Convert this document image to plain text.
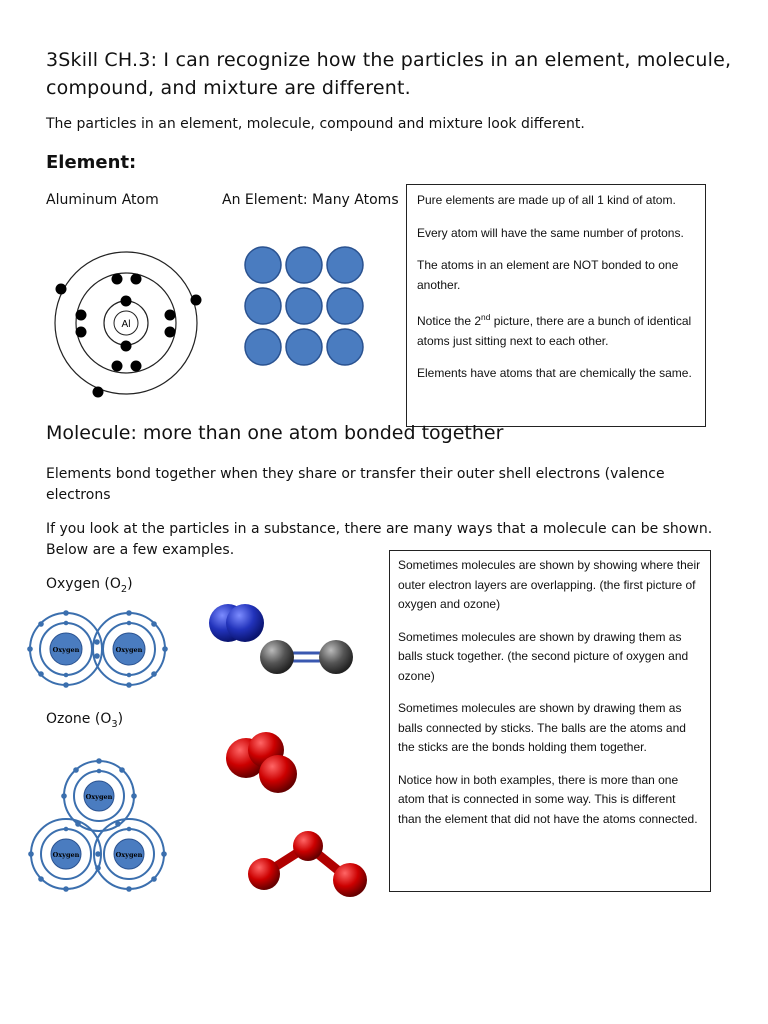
3Skill CH.3: I can recognize how the particles in an element, molecule, compound, and mixture are different.
The particles in an element, molecule, compound and mixture look different.
Element:
Aluminum Atom	An Element: Many Atoms
Al

Pure elements are made up of all 1 kind of atom.

Every atom will have the same number of protons.

The atoms in an element are NOT bonded to one another.

Notice the 2nd picture, there are a bunch of identical atoms just sitting next to each other.

Elements have atoms that are chemically the same.

Molecule: more than one atom bonded together
Elements bond together when they share or transfer their outer shell electrons (valence electrons
If you look at the particles in a substance, there are many ways that a molecule can be shown. Below are a few examples.
Oxygen $(O_2)$
Ozone $(O_3)$
Oxygen	Oxygen
Oxygen
Oxygen	Oxygen

Sometimes molecules are shown by showing where their outer electron layers are overlapping. (the first picture of oxygen and ozone)

Sometimes molecules are shown by drawing them as balls stuck together. (the second picture of oxygen and ozone)

Sometimes molecules are shown by drawing them as balls connected by sticks. The balls are the atoms and the sticks are the bonds holding them together.

Notice how in both examples, there is more than one atom that is connected in some way. This is different than the element that did not have the atoms connected.
